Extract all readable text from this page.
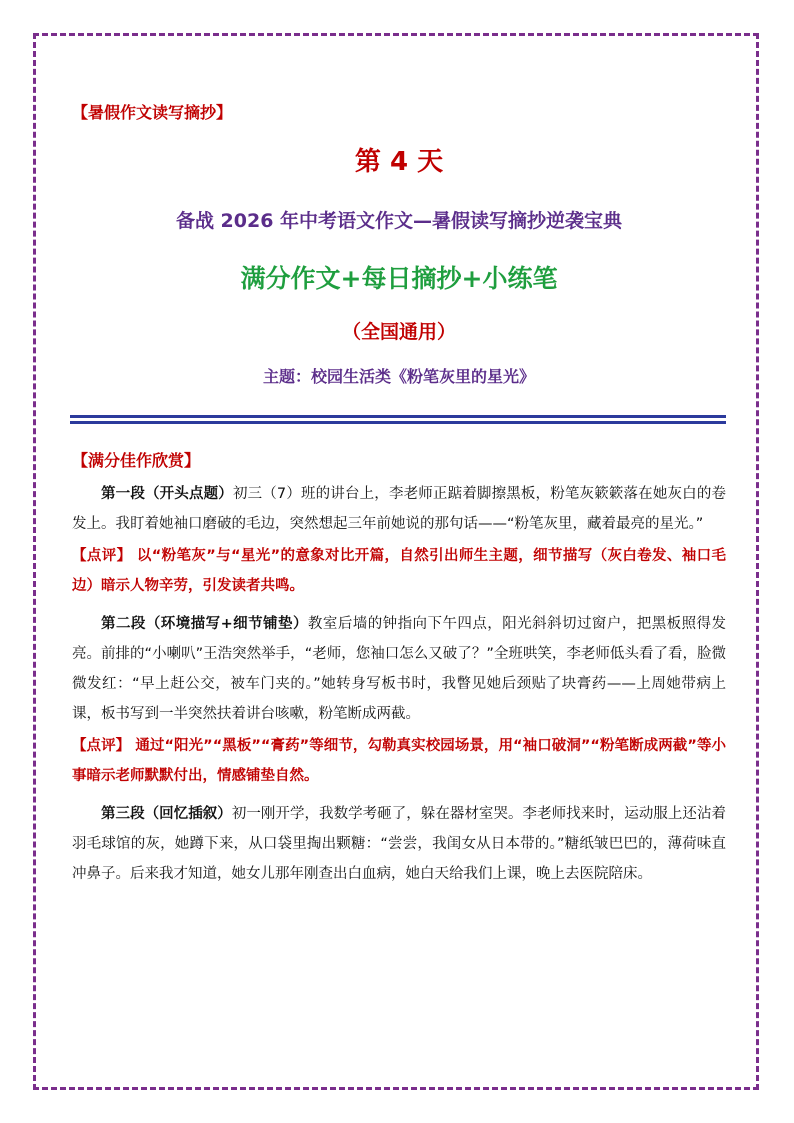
【暑假作文读写摘抄】
第 4 天
备战 2026 年中考语文作文—暑假读写摘抄逆袭宝典
满分作文+每日摘抄+小练笔
（全国通用）
主题：校园生活类《粉笔灰里的星光》
【满分佳作欣赏】

第一段（开头点题）初三（7）班的讲台上，李老师正踮着脚擦黑板，粉笔灰簌簌落在她灰白的卷发上。我盯着她袖口磨破的毛边，突然想起三年前她说的那句话——“粉笔灰里，藏着最亮的星光。”

【点评】 以“粉笔灰”与“星光”的意象对比开篇，自然引出师生主题，细节描写（灰白卷发、袖口毛边）暗示人物辛劳，引发读者共鸣。

第二段（环境描写+细节铺垫）教室后墙的钟指向下午四点，阳光斜斜切过窗户，把黑板照得发亮。前排的“小喇叭”王浩突然举手，“老师，您袖口怎么又破了？”全班哄笑，李老师低头看了看，脸微微发红：“早上赶公交，被车门夹的。”她转身写板书时，我瞥见她后颈贴了块膏药——上周她带病上课，板书写到一半突然扶着讲台咳嗽，粉笔断成两截。

【点评】 通过“阳光”“黑板”“膏药”等细节，勾勒真实校园场景，用“袖口破洞”“粉笔断成两截”等小事暗示老师默默付出，情感铺垫自然。

第三段（回忆插叙）初一刚开学，我数学考砸了，躲在器材室哭。李老师找来时，运动服上还沾着羽毛球馆的灰，她蹲下来，从口袋里掏出颗糖：“尝尝，我闺女从日本带的。”糖纸皱巴巴的，薄荷味直冲鼻子。后来我才知道，她女儿那年刚查出白血病，她白天给我们上课，晚上去医院陪床。
